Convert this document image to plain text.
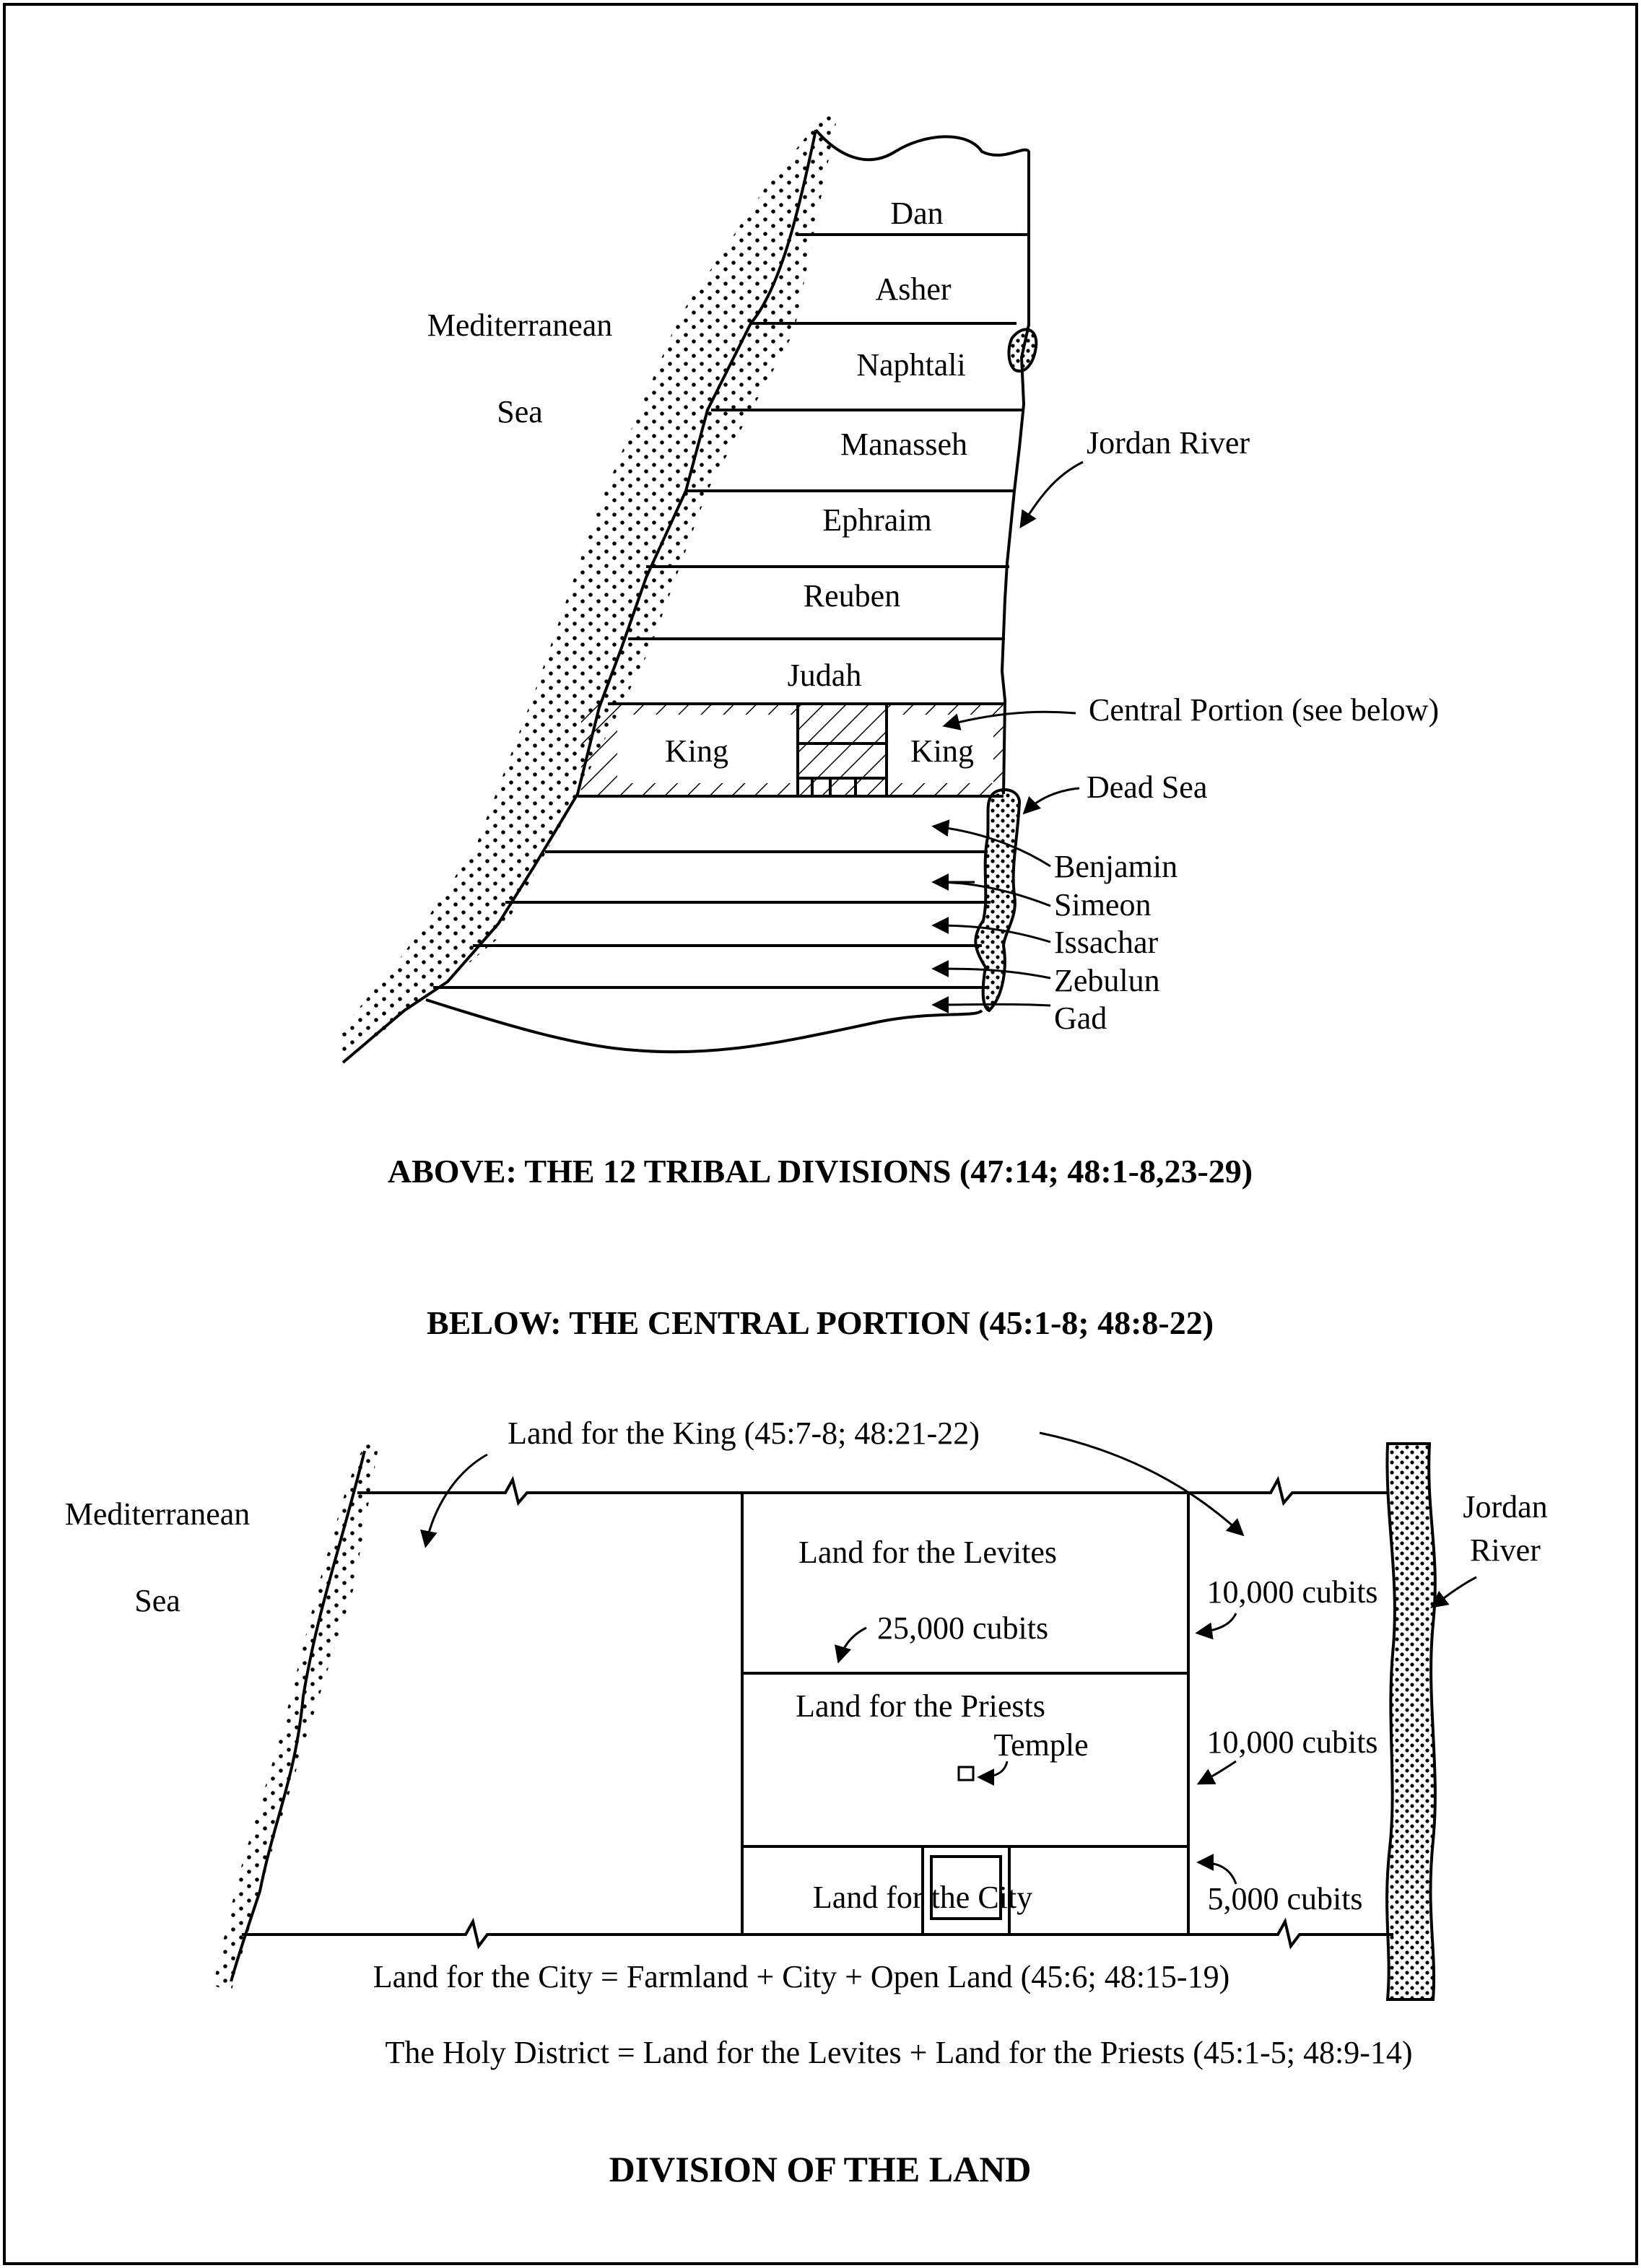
Dan
Asher
Naphtali
Manasseh
Ephraim
Reuben
Judah
King	King
Mediterranean
Sea
Jordan River
Central Portion (see below)
Dead Sea
Benjamin
Simeon
Issachar
Zebulun
Gad
ABOVE: THE 12 TRIBAL DIVISIONS (47:14; 48:1-8,23-29)
BELOW: THE CENTRAL PORTION (45:1-8; 48:8-22)
Land for the King (45:7-8; 48:21-22)
Mediterranean
Sea
Jordan
River
Land for the Levites
25,000 cubits
Land for the Priests
Temple
Land for the City
10,000 cubits
10,000 cubits
5,000 cubits
Land for the City = Farmland + City + Open Land (45:6; 48:15-19)
The Holy District = Land for the Levites + Land for the Priests (45:1-5; 48:9-14)
DIVISION OF THE LAND
